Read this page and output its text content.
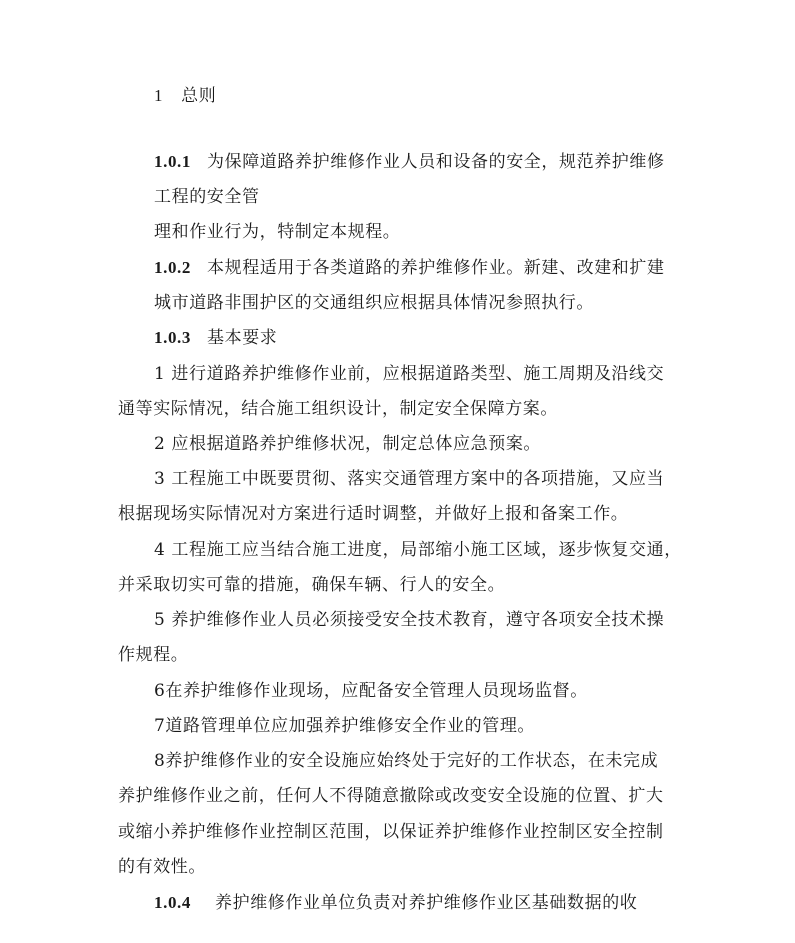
1 总则
1.0.1 为保障道路养护维修作业人员和设备的安全，规范养护维修
工程的安全管
理和作业行为，特制定本规程。
1.0.2 本规程适用于各类道路的养护维修作业。新建、改建和扩建
城市道路非围护区的交通组织应根据具体情况参照执行。
1.0.3 基本要求
1 进行道路养护维修作业前，应根据道路类型、施工周期及沿线交
通等实际情况，结合施工组织设计，制定安全保障方案。
2 应根据道路养护维修状况，制定总体应急预案。
3 工程施工中既要贯彻、落实交通管理方案中的各项措施，又应当
根据现场实际情况对方案进行适时调整，并做好上报和备案工作。
4 工程施工应当结合施工进度，局部缩小施工区域，逐步恢复交通，
并采取切实可靠的措施，确保车辆、行人的安全。
5 养护维修作业人员必须接受安全技术教育，遵守各项安全技术操
作规程。
6在养护维修作业现场，应配备安全管理人员现场监督。
7道路管理单位应加强养护维修安全作业的管理。
8养护维修作业的安全设施应始终处于完好的工作状态，在未完成
养护维修作业之前，任何人不得随意撤除或改变安全设施的位置、扩大
或缩小养护维修作业控制区范围，以保证养护维修作业控制区安全控制
的有效性。
1.0.4 养护维修作业单位负责对养护维修作业区基础数据的收
